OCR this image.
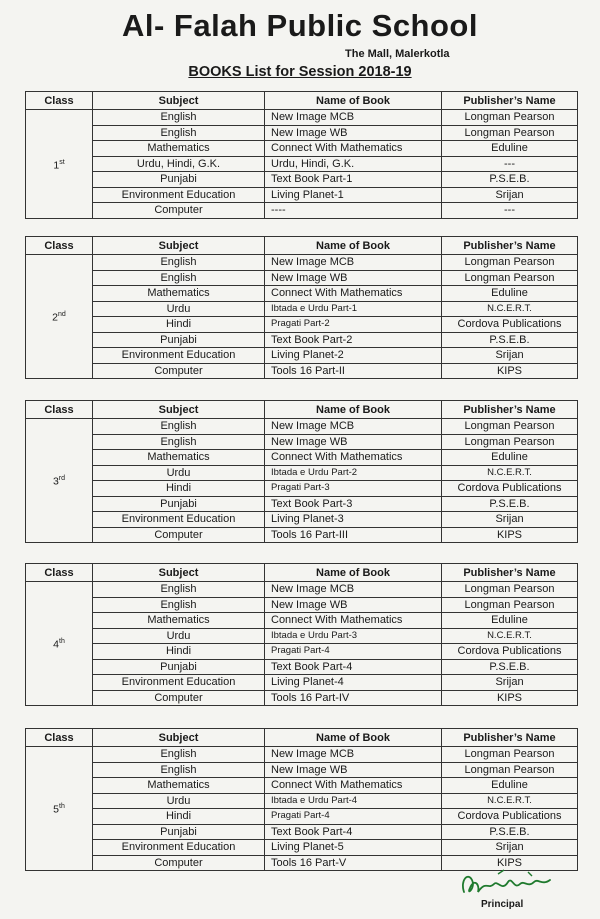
Al- Falah Public School
The Mall, Malerkotla
BOOKS List for Session 2018-19
Class	Subject	Name of Book	Publisher’s Name
1st	English	New Image MCB	Longman Pearson
	English	New Image WB	Longman Pearson
	Mathematics	Connect With Mathematics	Eduline
	Urdu, Hindi, G.K.	Urdu, Hindi, G.K.	---
	Punjabi	Text Book Part-1	P.S.E.B.
	Environment Education	Living Planet-1	Srijan
	Computer	----	---
Class	Subject	Name of Book	Publisher’s Name
2nd	English	New Image MCB	Longman Pearson
	English	New Image WB	Longman Pearson
	Mathematics	Connect With Mathematics	Eduline
	Urdu	Ibtada e Urdu Part-1	N.C.E.R.T.
	Hindi	Pragati Part-2	Cordova Publications
	Punjabi	Text Book Part-2	P.S.E.B.
	Environment Education	Living Planet-2	Srijan
	Computer	Tools 16 Part-II	KIPS
Class	Subject	Name of Book	Publisher’s Name
3rd	English	New Image MCB	Longman Pearson
	English	New Image WB	Longman Pearson
	Mathematics	Connect With Mathematics	Eduline
	Urdu	Ibtada e Urdu Part-2	N.C.E.R.T.
	Hindi	Pragati Part-3	Cordova Publications
	Punjabi	Text Book Part-3	P.S.E.B.
	Environment Education	Living Planet-3	Srijan
	Computer	Tools 16 Part-III	KIPS
Class	Subject	Name of Book	Publisher’s Name
4th	English	New Image MCB	Longman Pearson
	English	New Image WB	Longman Pearson
	Mathematics	Connect With Mathematics	Eduline
	Urdu	Ibtada e Urdu Part-3	N.C.E.R.T.
	Hindi	Pragati Part-4	Cordova Publications
	Punjabi	Text Book Part-4	P.S.E.B.
	Environment Education	Living Planet-4	Srijan
	Computer	Tools 16 Part-IV	KIPS
Class	Subject	Name of Book	Publisher’s Name
5th	English	New Image MCB	Longman Pearson
	English	New Image WB	Longman Pearson
	Mathematics	Connect With Mathematics	Eduline
	Urdu	Ibtada e Urdu Part-4	N.C.E.R.T.
	Hindi	Pragati Part-4	Cordova Publications
	Punjabi	Text Book Part-4	P.S.E.B.
	Environment Education	Living Planet-5	Srijan
	Computer	Tools 16 Part-V	KIPS
Principal
